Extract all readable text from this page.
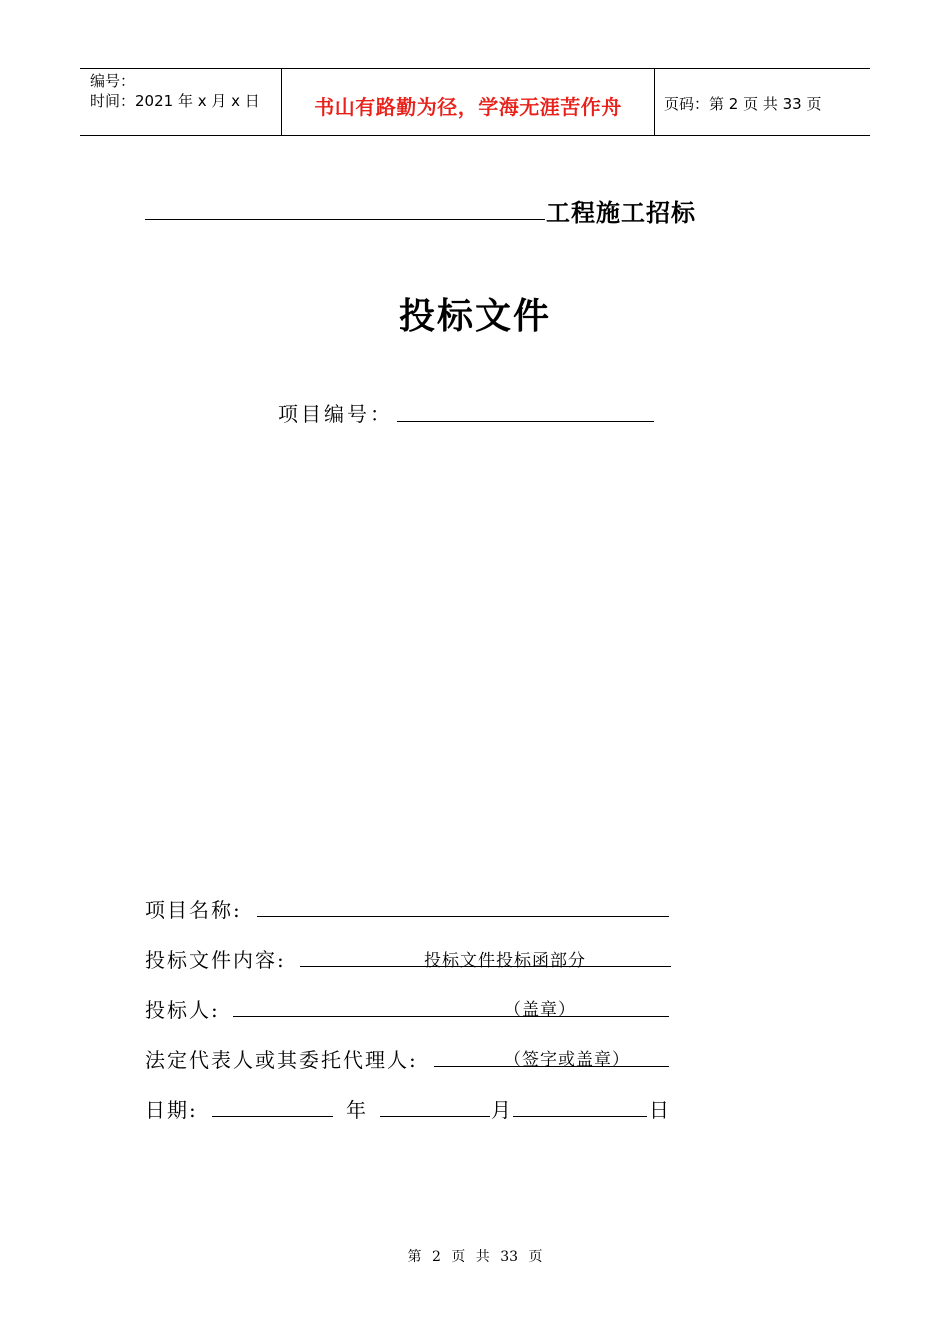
编号：
时间：2021 年 x 月 x 日	书山有路勤为径，学海无涯苦作舟	页码：第 2 页 共 33 页
工程施工招标
投标文件
项目编号：
项目名称:
投标文件内容:	投标文件投标函部分
投标人:	（盖章）
法定代表人或其委托代理人:	（签字或盖章）
日期:	年	月	日
第 2 页 共 33 页
